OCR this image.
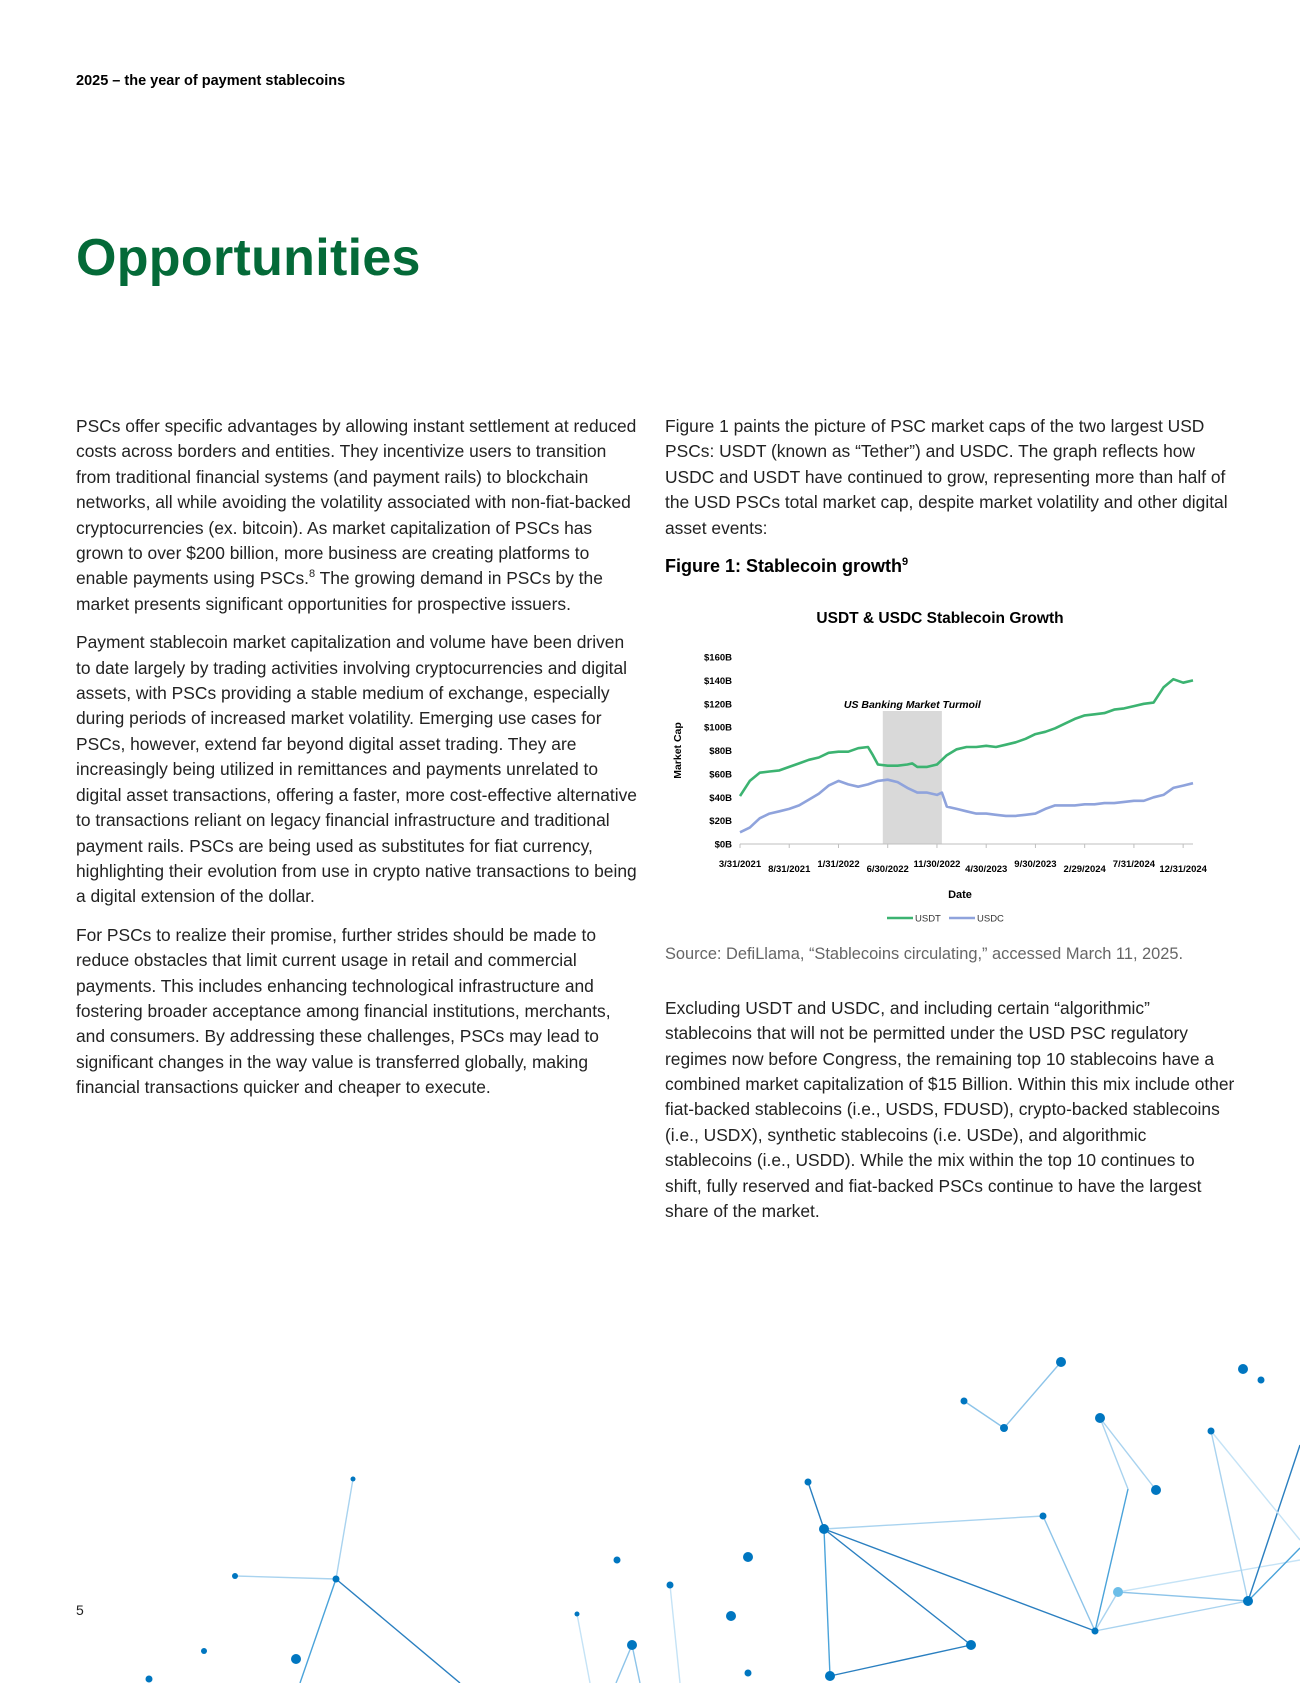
2025 – the year of payment stablecoins
Opportunities

PSCs offer specific advantages by allowing instant settlement at reduced costs across borders and entities. They incentivize users to transition from traditional financial systems (and payment rails) to blockchain networks, all while avoiding the volatility associated with non-fiat-backed cryptocurrencies (ex. bitcoin). As market capitalization of PSCs has grown to over $200 billion, more business are creating platforms to enable payments using PSCs.$^8$ The growing demand in PSCs by the market presents significant opportunities for prospective issuers.

Payment stablecoin market capitalization and volume have been driven to date largely by trading activities involving cryptocurrencies and digital assets, with PSCs providing a stable medium of exchange, especially during periods of increased market volatility. Emerging use cases for PSCs, however, extend far beyond digital asset trading. They are increasingly being utilized in remittances and payments unrelated to digital asset transactions, offering a faster, more cost-effective alternative to transactions reliant on legacy financial infrastructure and traditional payment rails. PSCs are being used as substitutes for fiat currency, highlighting their evolution from use in crypto native transactions to being a digital extension of the dollar.

For PSCs to realize their promise, further strides should be made to reduce obstacles that limit current usage in retail and commercial payments. This includes enhancing technological infrastructure and fostering broader acceptance among financial institutions, merchants, and consumers. By addressing these challenges, PSCs may lead to significant changes in the way value is transferred globally, making financial transactions quicker and cheaper to execute.

Figure 1 paints the picture of PSC market caps of the two largest USD PSCs: USDT (known as “Tether”) and USDC. The graph reflects how USDC and USDT have continued to grow, representing more than half of the USD PSCs total market cap, despite market volatility and other digital asset events:

Figure 1: Stablecoin growth$^9$

USDT & USDC Stablecoin Growth
US Banking Market Turmoil
$0B
$20B
$40B
$60B
$80B
$100B
$120B
$140B
$160B
3/31/2021 8/31/2021 1/31/2022 6/30/2022 11/30/2022 4/30/2023 9/30/2023 2/29/2024 7/31/2024 12/31/2024
Market Cap
Date
USDT	USDC

Source: DefiLlama, “Stablecoins circulating,” accessed March 11, 2025.

Excluding USDT and USDC, and including certain “algorithmic” stablecoins that will not be permitted under the USD PSC regulatory regimes now before Congress, the remaining top 10 stablecoins have a combined market capitalization of $15 Billion. Within this mix include other fiat-backed stablecoins (i.e., USDS, FDUSD), crypto-backed stablecoins (i.e., USDX), synthetic stablecoins (i.e. USDe), and algorithmic stablecoins (i.e., USDD). While the mix within the top 10 continues to shift, fully reserved and fiat-backed PSCs continue to have the largest share of the market.

5
